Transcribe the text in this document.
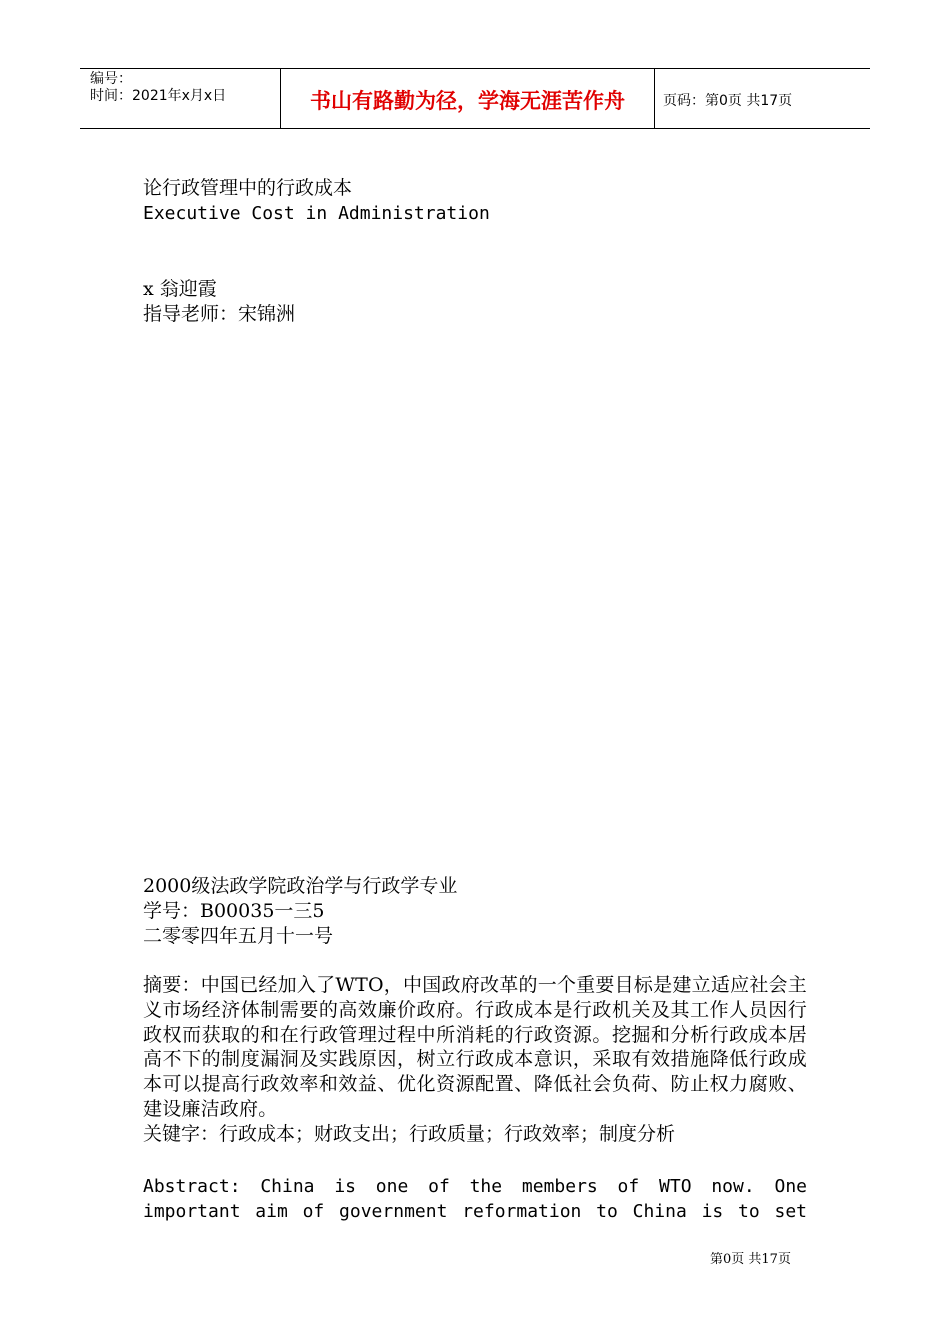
编号：
时间：2021年x月x日	书山有路勤为径，学海无涯苦作舟	页码：第0页 共17页
论行政管理中的行政成本
Executive Cost in Administration
x 翁迎霞
指导老师：宋锦洲
2000级法政学院政治学与行政学专业
学号：B00035一三5
二零零四年五月十一号
摘要：中国已经加入了WTO，中国政府改革的一个重要目标是建立适应社会主义市场经济体制需要的高效廉价政府。行政成本是行政机关及其工作人员因行政权而获取的和在行政管理过程中所消耗的行政资源。挖掘和分析行政成本居高不下的制度漏洞及实践原因，树立行政成本意识，采取有效措施降低行政成本可以提高行政效率和效益、优化资源配置、降低社会负荷、防止权力腐败、建设廉洁政府。
关键字：行政成本；财政支出；行政质量；行政效率；制度分析
Abstract: China is one of the members of WTO now. One important aim of government reformation to China is to set
第0页 共17页
